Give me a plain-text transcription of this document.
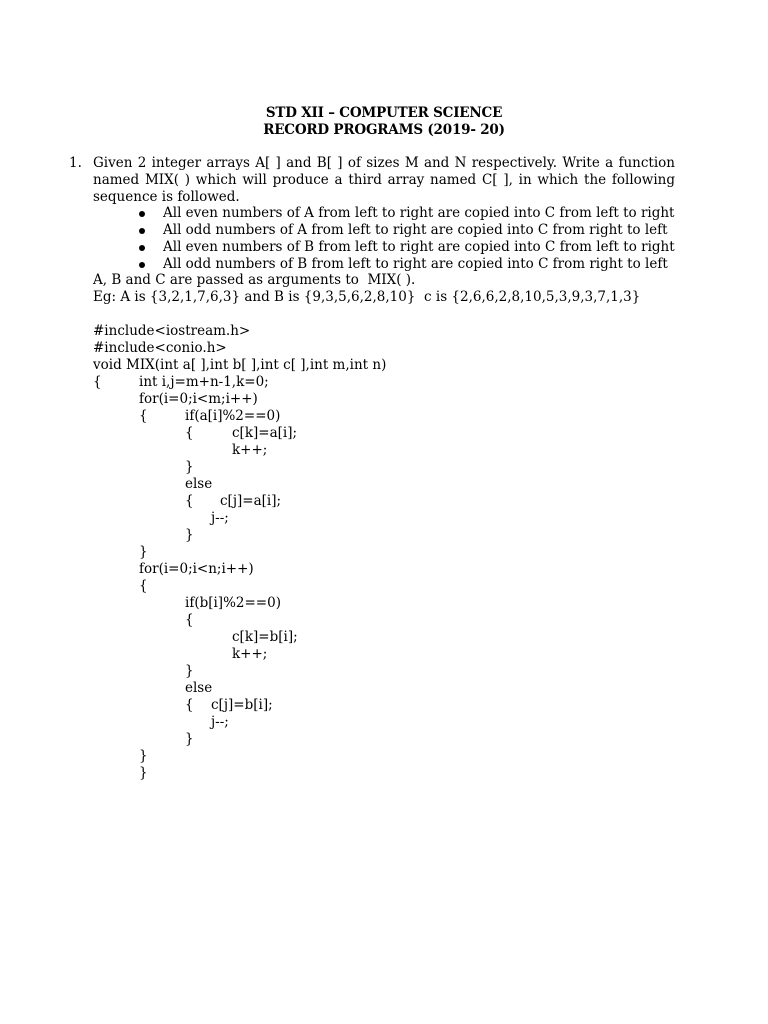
STD XII – COMPUTER SCIENCE
RECORD PROGRAMS (2019- 20)
1. Given 2 integer arrays A[ ] and B[ ] of sizes M and N respectively. Write a function named MIX( ) which will produce a third array named C[ ], in which the following sequence is followed.
All even numbers of A from left to right are copied into C from left to right
All odd numbers of A from left to right are copied into C from right to left
All even numbers of B from left to right are copied into C from left to right
All odd numbers of B from left to right are copied into C from right to left
A, B and C are passed as arguments to  MIX( ).
Eg: A is {3,2,1,7,6,3} and B is {9,3,5,6,2,8,10}  c is {2,6,6,2,8,10,5,3,9,3,7,1,3}
#include<iostream.h>
#include<conio.h>
void MIX(int a[ ],int b[ ],int c[ ],int m,int n)
{	int i,j=m+n-1,k=0;
for(i=0;i<m;i++)
{	if(a[i]%2==0)
{	c[k]=a[i];
k++;
}
else
{ c[j]=a[i];
j--;
}
}
for(i=0;i<n;i++)
{
if(b[i]%2==0)
{
c[k]=b[i];
k++;
}
else
{ c[j]=b[i];
j--;
}
}
}
